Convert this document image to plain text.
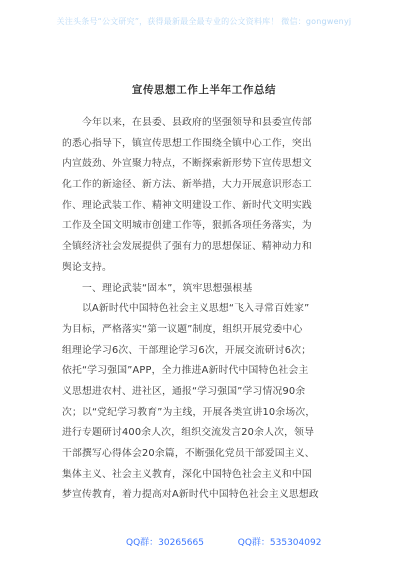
关注头条号“公文研究”，获得最新最全最专业的公文资料库！ 微信：gongwenyj
宣传思想工作上半年工作总结
今年以来，在县委、县政府的坚强领导和县委宣传部
的悉心指导下，镇宣传思想工作围绕全镇中心工作，突出
内宣鼓劲、外宣聚力特点，不断探索新形势下宣传思想文
化工作的新途径、新方法、新举措，大力开展意识形态工
作、理论武装工作、精神文明建设工作、新时代文明实践
工作及全国文明城市创建工作等，狠抓各项任务落实，为
全镇经济社会发展提供了强有力的思想保证、精神动力和
舆论支持。
一、理论武装“固本”，筑牢思想强根基
以A新时代中国特色社会主义思想“飞入寻常百姓家”
为目标，严格落实“第一议题”制度，组织开展党委中心
组理论学习6次、干部理论学习6次，开展交流研讨6次；
依托“学习强国”APP，全力推进A新时代中国特色社会主
义思想进农村、进社区，通报“学习强国”学习情况90余
次；以“党纪学习教育”为主线，开展各类宣讲10余场次，
进行专题研讨400余人次，组织交流发言20余人次，领导
干部撰写心得体会20余篇，不断强化党员干部爱国主义、
集体主义、社会主义教育，深化中国特色社会主义和中国
梦宣传教育，着力提高对A新时代中国特色社会主义思想政
QQ群：30265665	QQ群：535304092
